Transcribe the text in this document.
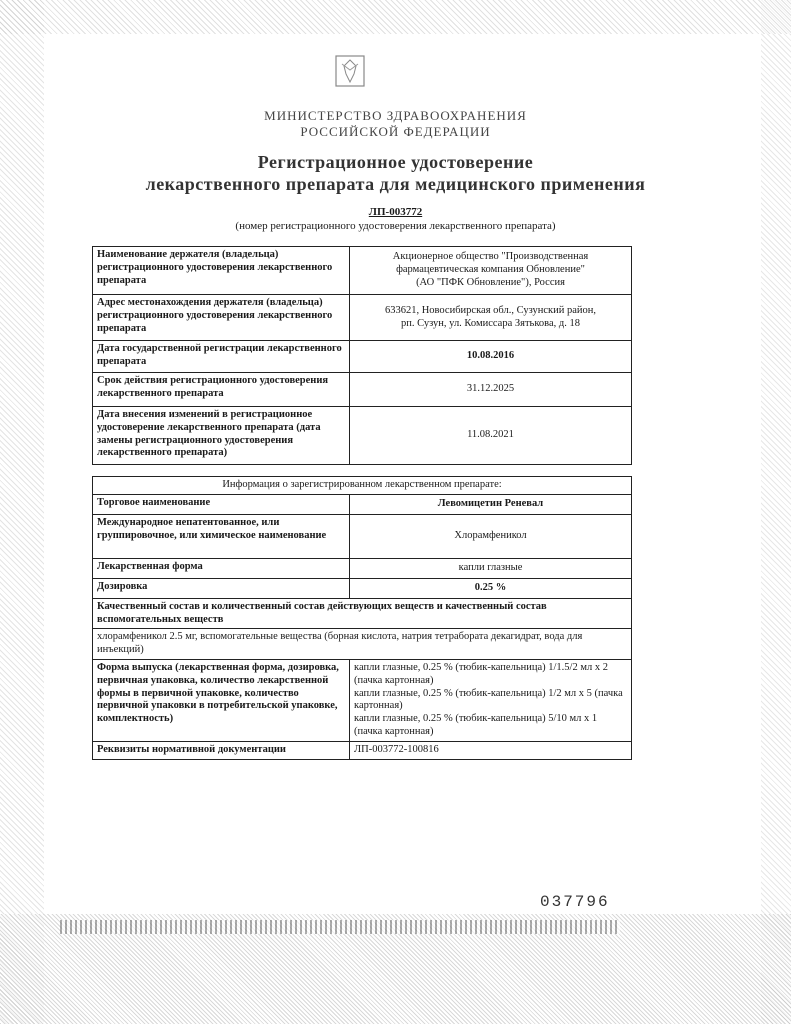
МИНИСТЕРСТВО ЗДРАВООХРАНЕНИЯ
РОССИЙСКОЙ ФЕДЕРАЦИИ
Регистрационное удостоверение
лекарственного препарата для медицинского применения
ЛП-003772
(номер регистрационного удостоверения лекарственного препарата)
Наименование держателя (владельца) регистрационного удостоверения лекарственного препарата	Акционерное общество "Производственная
фармацевтическая компания Обновление"
(АО "ПФК Обновление"), Россия

Адрес местонахождения держателя (владельца) регистрационного удостоверения лекарственного препарата	633621, Новосибирская обл., Сузунский район,
рп. Сузун, ул. Комиссара Зятькова, д. 18

Дата государственной регистрации лекарственного препарата	10.08.2016
Срок действия регистрационного удостоверения лекарственного препарата	31.12.2025
Дата внесения изменений в регистрационное удостоверение лекарственного препарата (дата замены регистрационного удостоверения лекарственного препарата)	11.08.2021
Информация о зарегистрированном лекарственном препарате:	
Торговое наименование	Левомицетин Реневал
Международное непатентованное, или группировочное, или химическое наименование	Хлорамфеникол
Лекарственная форма	капли глазные
Дозировка	0.25 %
Качественный состав и количественный состав действующих веществ и качественный состав вспомогательных веществ	
хлорамфеникол 2.5 мг, вспомогательные вещества (борная кислота, натрия тетрабората декагидрат, вода для инъекций)	
Форма выпуска (лекарственная форма, дозировка, первичная упаковка, количество лекарственной формы в первичной упаковке, количество первичной упаковки в потребительской упаковке, комплектность)	капли глазные, 0.25 % (тюбик-капельница) 1/1.5/2 мл x 2 (пачка картонная)
капли глазные, 0.25 % (тюбик-капельница) 1/2 мл x 5 (пачка картонная)
капли глазные, 0.25 % (тюбик-капельница) 5/10 мл x 1 (пачка картонная)

Реквизиты нормативной документации	ЛП-003772-100816
037796
